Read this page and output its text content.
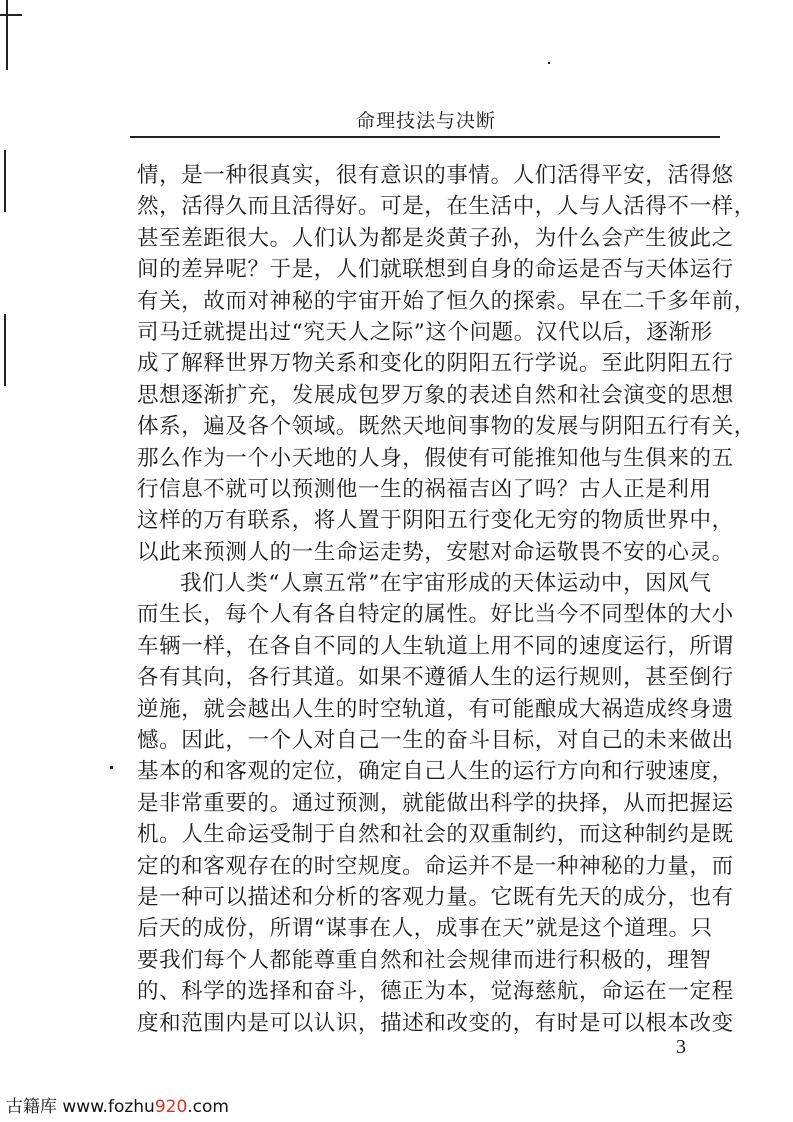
命理技法与决断
情，是一种很真实，很有意识的事情。人们活得平安，活得悠
然，活得久而且活得好。可是，在生活中，人与人活得不一样，
甚至差距很大。人们认为都是炎黄子孙，为什么会产生彼此之
间的差异呢？于是，人们就联想到自身的命运是否与天体运行
有关，故而对神秘的宇宙开始了恒久的探索。早在二千多年前，
司马迁就提出过“究天人之际”这个问题。汉代以后，逐渐形
成了解释世界万物关系和变化的阴阳五行学说。至此阴阳五行
思想逐渐扩充，发展成包罗万象的表述自然和社会演变的思想
体系，遍及各个领域。既然天地间事物的发展与阴阳五行有关，
那么作为一个小天地的人身，假使有可能推知他与生俱来的五
行信息不就可以预测他一生的祸福吉凶了吗？古人正是利用
这样的万有联系，将人置于阴阳五行变化无穷的物质世界中，
以此来预测人的一生命运走势，安慰对命运敬畏不安的心灵。
我们人类“人禀五常”在宇宙形成的天体运动中，因风气
而生长，每个人有各自特定的属性。好比当今不同型体的大小
车辆一样，在各自不同的人生轨道上用不同的速度运行，所谓
各有其向，各行其道。如果不遵循人生的运行规则，甚至倒行
逆施，就会越出人生的时空轨道，有可能酿成大祸造成终身遗
憾。因此，一个人对自己一生的奋斗目标，对自己的未来做出
基本的和客观的定位，确定自己人生的运行方向和行驶速度，
是非常重要的。通过预测，就能做出科学的抉择，从而把握运
机。人生命运受制于自然和社会的双重制约，而这种制约是既
定的和客观存在的时空规度。命运并不是一种神秘的力量，而
是一种可以描述和分析的客观力量。它既有先天的成分，也有
后天的成份，所谓“谋事在人，成事在天”就是这个道理。只
要我们每个人都能尊重自然和社会规律而进行积极的，理智
的、科学的选择和奋斗，德正为本，觉海慈航，命运在一定程
度和范围内是可以认识，描述和改变的，有时是可以根本改变
3
古籍库 www.fozhu920.com
